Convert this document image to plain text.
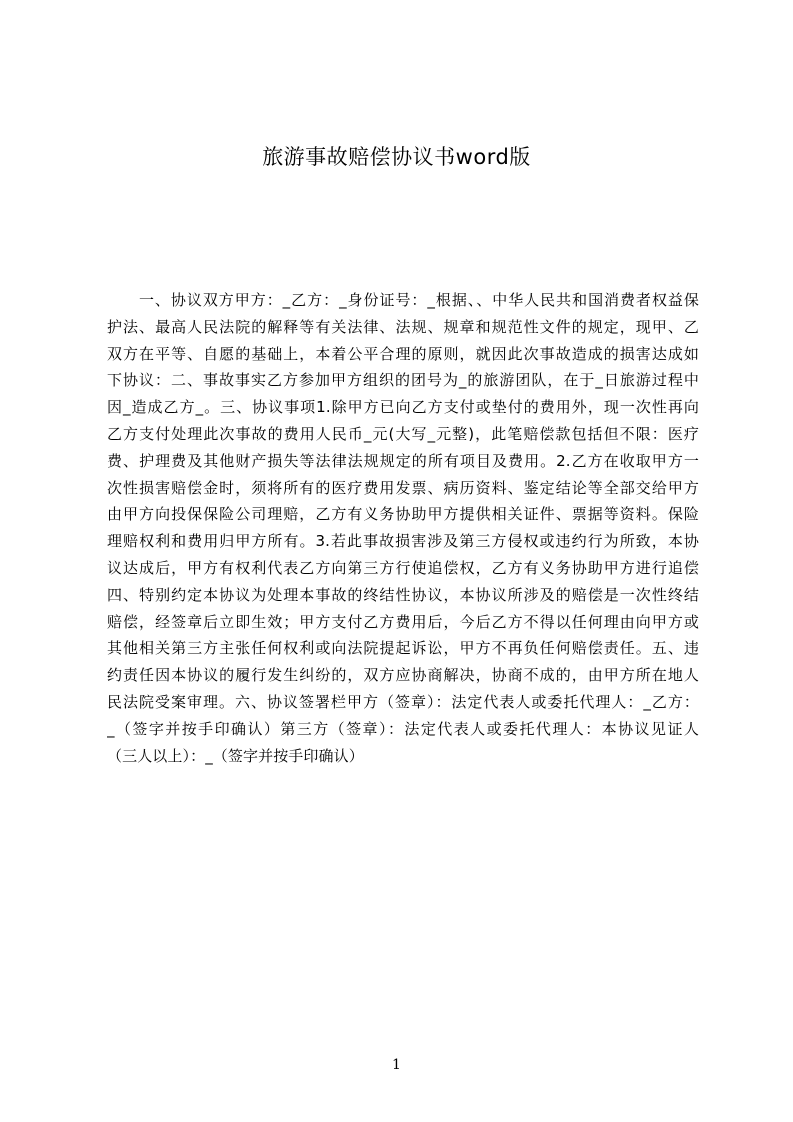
旅游事故赔偿协议书word版
　　一、协议双方甲方：_乙方：_身份证号：_根据、、中华人民共和国消费者权益保
护法、最高人民法院的解释等有关法律、法规、规章和规范性文件的规定，现甲、乙
双方在平等、自愿的基础上，本着公平合理的原则，就因此次事故造成的损害达成如
下协议：二、事故事实乙方参加甲方组织的团号为_的旅游团队，在于_日旅游过程中
因_造成乙方_。三、协议事项1.除甲方已向乙方支付或垫付的费用外，现一次性再向
乙方支付处理此次事故的费用人民币_元(大写_元整)，此笔赔偿款包括但不限：医疗
费、护理费及其他财产损失等法律法规规定的所有项目及费用。2.乙方在收取甲方一
次性损害赔偿金时，须将所有的医疗费用发票、病历资料、鉴定结论等全部交给甲方
由甲方向投保保险公司理赔，乙方有义务协助甲方提供相关证件、票据等资料。保险
理赔权利和费用归甲方所有。3.若此事故损害涉及第三方侵权或违约行为所致，本协
议达成后，甲方有权利代表乙方向第三方行使追偿权，乙方有义务协助甲方进行追偿
四、特别约定本协议为处理本事故的终结性协议，本协议所涉及的赔偿是一次性终结
赔偿，经签章后立即生效；甲方支付乙方费用后，今后乙方不得以任何理由向甲方或
其他相关第三方主张任何权利或向法院提起诉讼，甲方不再负任何赔偿责任。五、违
约责任因本协议的履行发生纠纷的，双方应协商解决，协商不成的，由甲方所在地人
民法院受案审理。六、协议签署栏甲方（签章）：法定代表人或委托代理人：_乙方：
_（签字并按手印确认）第三方（签章）：法定代表人或委托代理人：本协议见证人
（三人以上）：_（签字并按手印确认）
1
